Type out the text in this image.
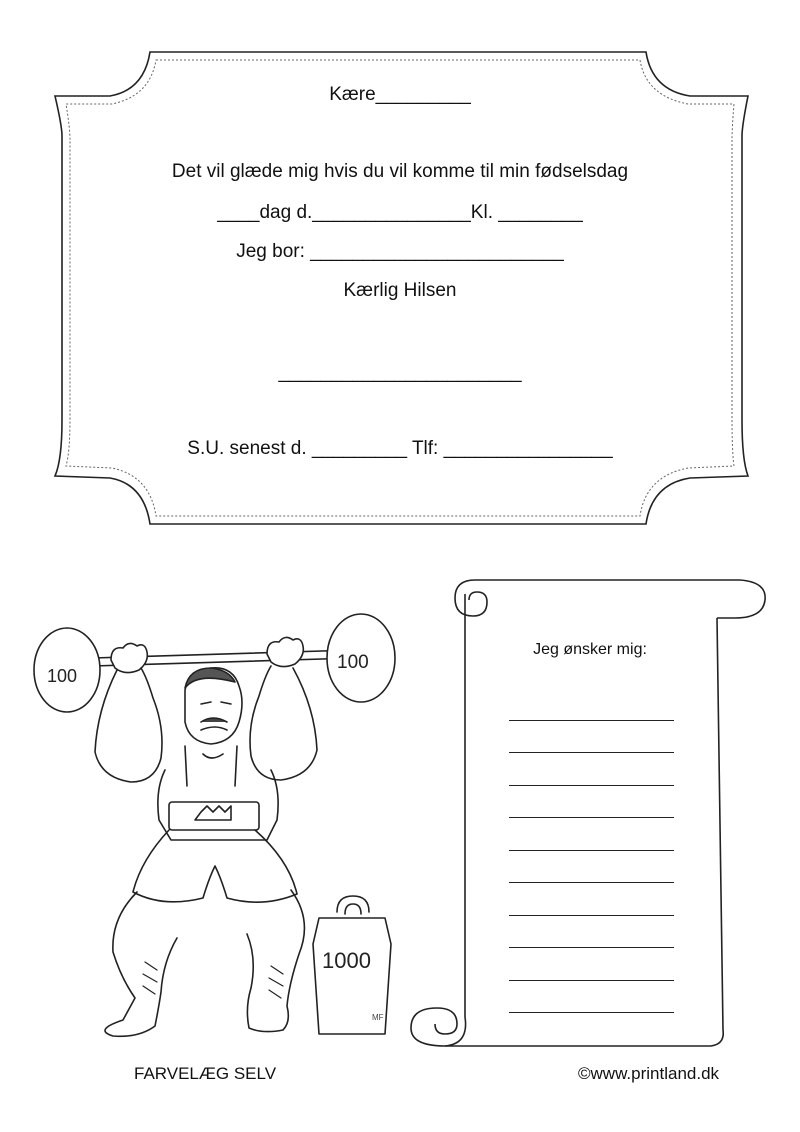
Kære_________
Det vil glæde mig hvis du vil komme til min fødselsdag
____dag d._______________Kl. ________
Jeg bor: ________________________
Kærlig Hilsen
_______________________
S.U. senest d. _________ Tlf: ________________
100
100
1000
MF
Jeg ønsker mig:
FARVELÆG SELV	©www.printland.dk
